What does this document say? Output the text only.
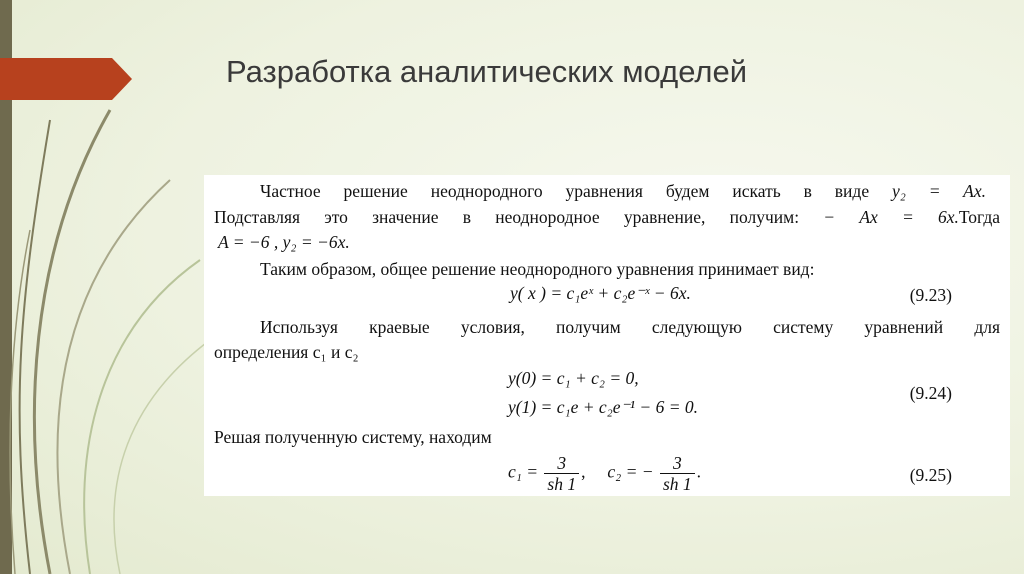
Разработка аналитических моделей
Частное решение неоднородного уравнения будем искать в виде y₂ = Ax.
Подставляя это значение в неоднородное уравнение, получим: − Ax = 6x.Тогда
A = −6 , y₂ = −6x.
Таким образом, общее решение неоднородного уравнения принимает вид:
y( x ) = c₁eˣ + c₂e⁻ˣ − 6x.	(9.23)
Используя краевые условия, получим следующую систему уравнений для
определения c₁ и c₂
y(0) = c₁ + c₂ = 0,
y(1) = c₁e + c₂e⁻¹ − 6 = 0.
(9.24)
Решая полученную систему, находим
$c_1 = \frac{3}{sh 1}$ , c₂ = − $\frac{3}{sh 1}$ .	(9.25)
